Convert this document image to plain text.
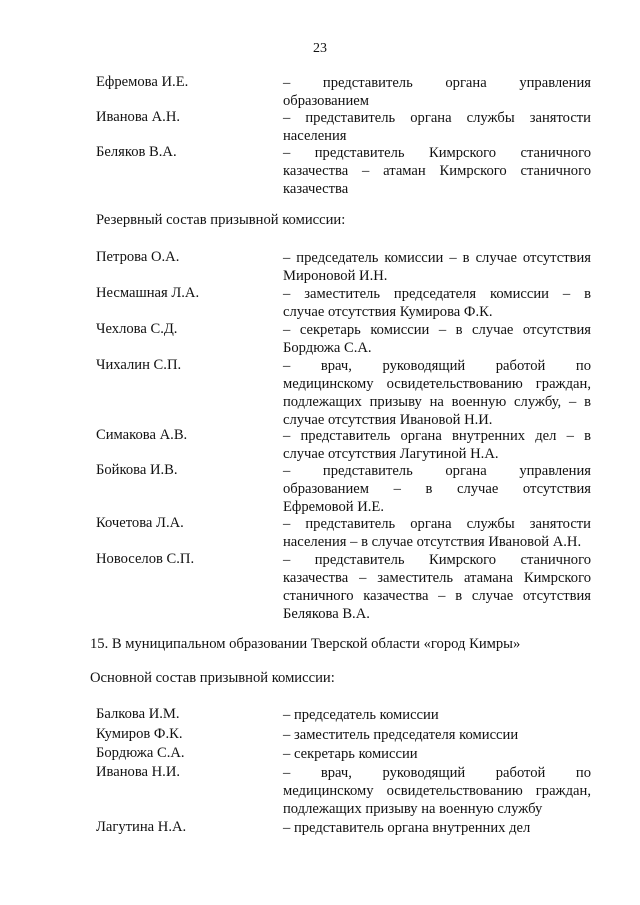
23
Резервный состав призывной комиссии:
15. В муниципальном образовании Тверской области «город Кимры»
Основной состав призывной комиссии:
Ефремова И.Е.	– представитель органа управления
образованием
Иванова А.Н.	– представитель органа службы занятости
населения
Беляков В.А.	– представитель Кимрского станичного
казачества – атаман Кимрского станичного
казачества
Петрова О.А.	– председатель комиссии – в случае отсутствия
Мироновой И.Н.
Несмашная Л.А.	– заместитель председателя комиссии – в
случае отсутствия Кумирова Ф.К.
Чехлова С.Д.	– секретарь комиссии – в случае отсутствия
Бордюжа С.А.
Чихалин С.П.	– врач, руководящий работой по
медицинскому освидетельствованию граждан,
подлежащих призыву на военную службу, – в
случае отсутствия Ивановой Н.И.
Симакова А.В.	– представитель органа внутренних дел – в
случае отсутствия Лагутиной Н.А.
Бойкова И.В.	– представитель органа управления
образованием – в случае отсутствия
Ефремовой И.Е.
Кочетова Л.А.	– представитель органа службы занятости
населения – в случае отсутствия Ивановой А.Н.
Новоселов С.П.	– представитель Кимрского станичного
казачества – заместитель атамана Кимрского
станичного казачества – в случае отсутствия
Белякова В.А.
Балкова И.М.	– председатель комиссии
Кумиров Ф.К.	– заместитель председателя комиссии
Бордюжа С.А.	– секретарь комиссии
Иванова Н.И.	– врач, руководящий работой по
медицинскому освидетельствованию граждан,
подлежащих призыву на военную службу
Лагутина Н.А.	– представитель органа внутренних дел
